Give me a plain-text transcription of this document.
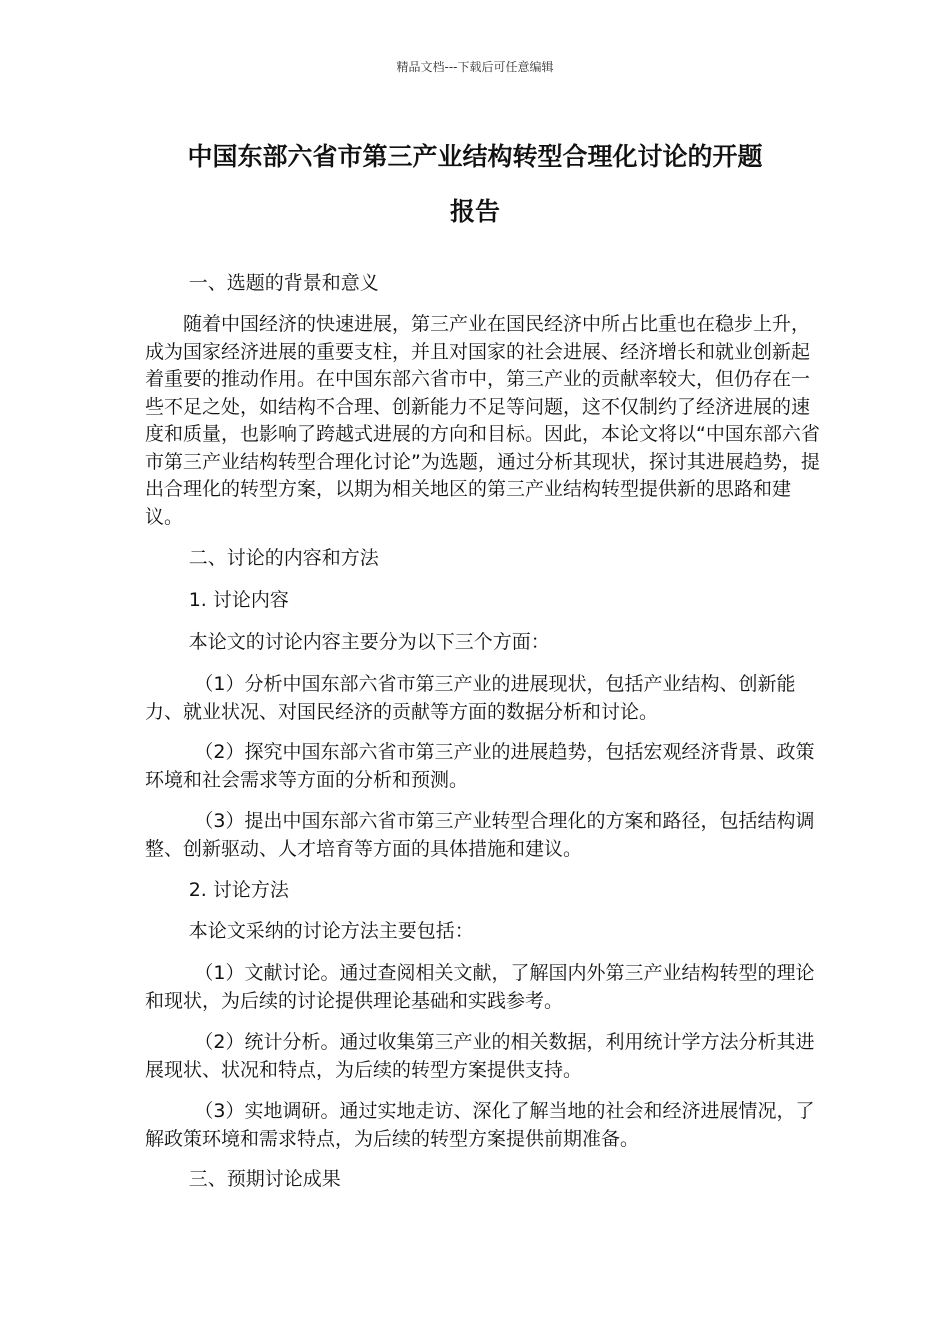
精品文档---下载后可任意编辑
中国东部六省市第三产业结构转型合理化讨论的开题
报告
一、选题的背景和意义

随着中国经济的快速进展，第三产业在国民经济中所占比重也在稳步上升，成为国家经济进展的重要支柱，并且对国家的社会进展、经济增长和就业创新起着重要的推动作用。在中国东部六省市中，第三产业的贡献率较大，但仍存在一些不足之处，如结构不合理、创新能力不足等问题，这不仅制约了经济进展的速度和质量，也影响了跨越式进展的方向和目标。因此，本论文将以“中国东部六省市第三产业结构转型合理化讨论”为选题，通过分析其现状，探讨其进展趋势，提出合理化的转型方案，以期为相关地区的第三产业结构转型提供新的思路和建议。

二、讨论的内容和方法
1. 讨论内容
本论文的讨论内容主要分为以下三个方面：

（1）分析中国东部六省市第三产业的进展现状，包括产业结构、创新能力、就业状况、对国民经济的贡献等方面的数据分析和讨论。

（2）探究中国东部六省市第三产业的进展趋势，包括宏观经济背景、政策环境和社会需求等方面的分析和预测。

（3）提出中国东部六省市第三产业转型合理化的方案和路径，包括结构调整、创新驱动、人才培育等方面的具体措施和建议。

2. 讨论方法
本论文采纳的讨论方法主要包括：

（1）文献讨论。通过查阅相关文献，了解国内外第三产业结构转型的理论和现状，为后续的讨论提供理论基础和实践参考。

（2）统计分析。通过收集第三产业的相关数据，利用统计学方法分析其进展现状、状况和特点，为后续的转型方案提供支持。

（3）实地调研。通过实地走访、深化了解当地的社会和经济进展情况，了解政策环境和需求特点，为后续的转型方案提供前期准备。

三、预期讨论成果
